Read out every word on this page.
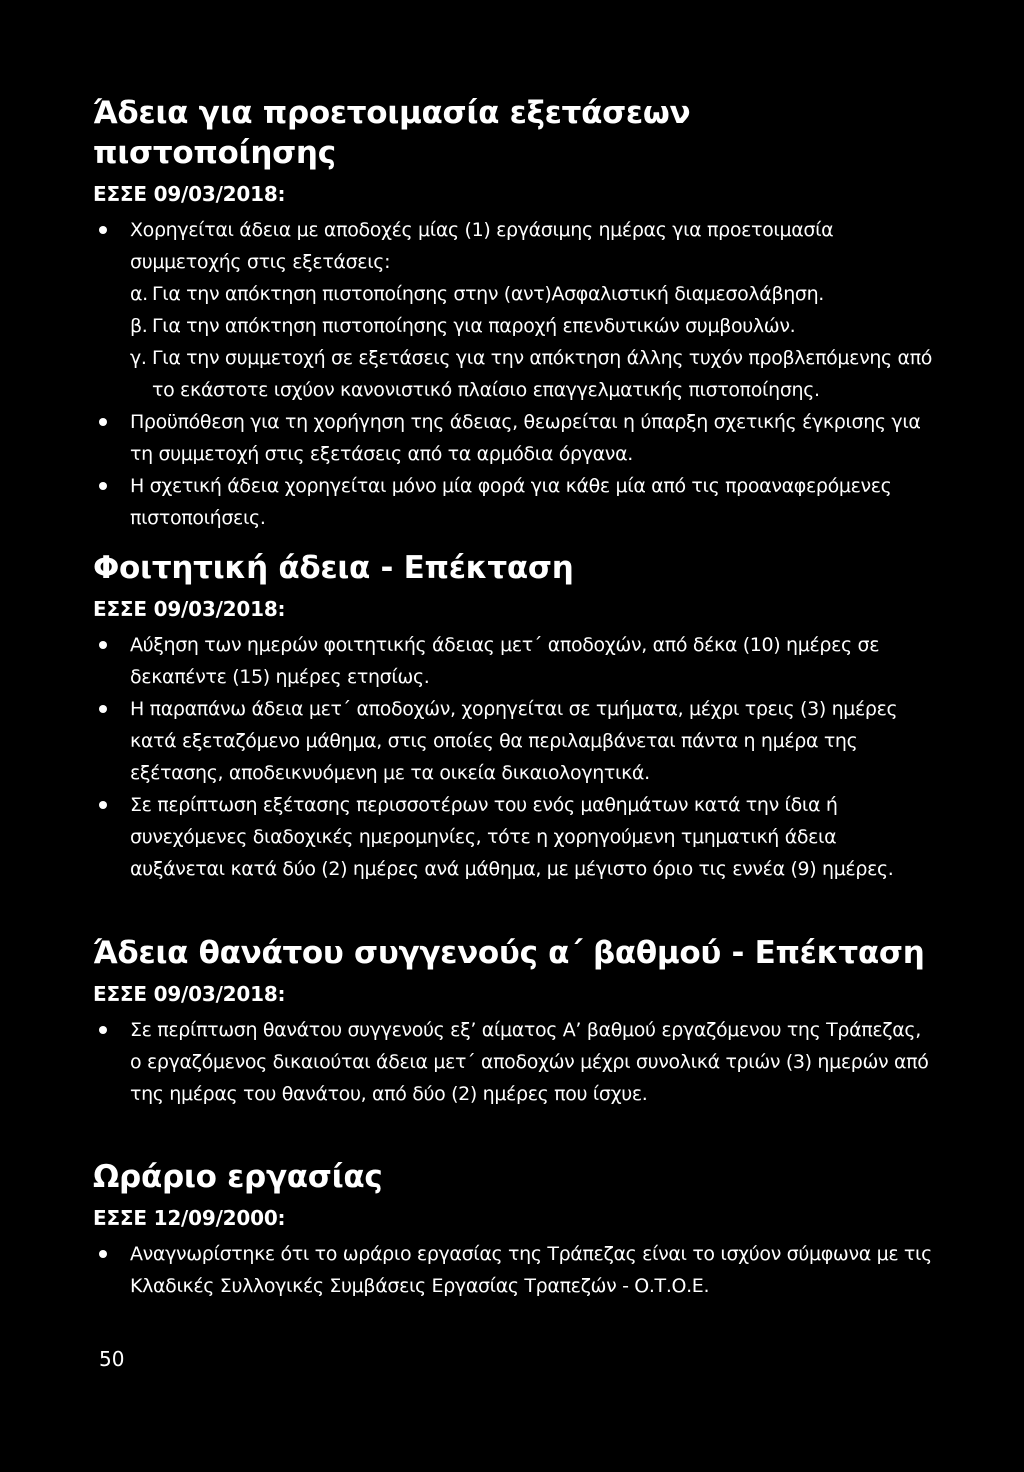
Άδεια για προετοιμασία εξετάσεων πιστοποίησης
ΕΣΣΕ 09/03/2018:
Χορηγείται άδεια με αποδοχές μίας (1) εργάσιμης ημέρας για προετοιμασία συμμετοχής στις εξετάσεις:
α. Για την απόκτηση πιστοποίησης στην (αντ)Ασφαλιστική διαμεσολάβηση.
β. Για την απόκτηση πιστοποίησης για παροχή επενδυτικών συμβουλών.
γ. Για την συμμετοχή σε εξετάσεις για την απόκτηση άλλης τυχόν προβλεπόμενης από το εκάστοτε ισχύον κανονιστικό πλαίσιο επαγγελματικής πιστοποίησης.
Προϋπόθεση για τη χορήγηση της άδειας, θεωρείται η ύπαρξη σχετικής έγκρισης για τη συμμετοχή στις εξετάσεις από τα αρμόδια όργανα.
Η σχετική άδεια χορηγείται μόνο μία φορά για κάθε μία από τις προαναφερόμενες πιστοποιήσεις.
Φοιτητική άδεια - Επέκταση
ΕΣΣΕ 09/03/2018:
Αύξηση των ημερών φοιτητικής άδειας μετ΄ αποδοχών, από δέκα (10) ημέρες σε δεκαπέντε (15) ημέρες ετησίως.
Η παραπάνω άδεια μετ΄ αποδοχών, χορηγείται σε τμήματα, μέχρι τρεις (3) ημέρες κατά εξεταζόμενο μάθημα, στις οποίες θα περιλαμβάνεται πάντα η ημέρα της εξέτασης, αποδεικνυόμενη με τα οικεία δικαιολογητικά.
Σε περίπτωση εξέτασης περισσοτέρων του ενός μαθημάτων κατά την ίδια ή συνεχόμενες διαδοχικές ημερομηνίες, τότε η χορηγούμενη τμηματική άδεια αυξάνεται κατά δύο (2) ημέρες ανά μάθημα, με μέγιστο όριο τις εννέα (9) ημέρες.
Άδεια θανάτου συγγενούς α΄ βαθμού - Επέκταση
ΕΣΣΕ 09/03/2018:
Σε περίπτωση θανάτου συγγενούς εξ’ αίματος Α’ βαθμού εργαζόμενου της Τράπεζας, ο εργαζόμενος δικαιούται άδεια μετ΄ αποδοχών μέχρι συνολικά τριών (3) ημερών από της ημέρας του θανάτου, από δύο (2) ημέρες που ίσχυε.
Ωράριο εργασίας
ΕΣΣΕ 12/09/2000:
Αναγνωρίστηκε ότι το ωράριο εργασίας της Τράπεζας είναι το ισχύον σύμφωνα με τις Κλαδικές Συλλογικές Συμβάσεις Εργασίας Τραπεζών - Ο.Τ.Ο.Ε.
50
